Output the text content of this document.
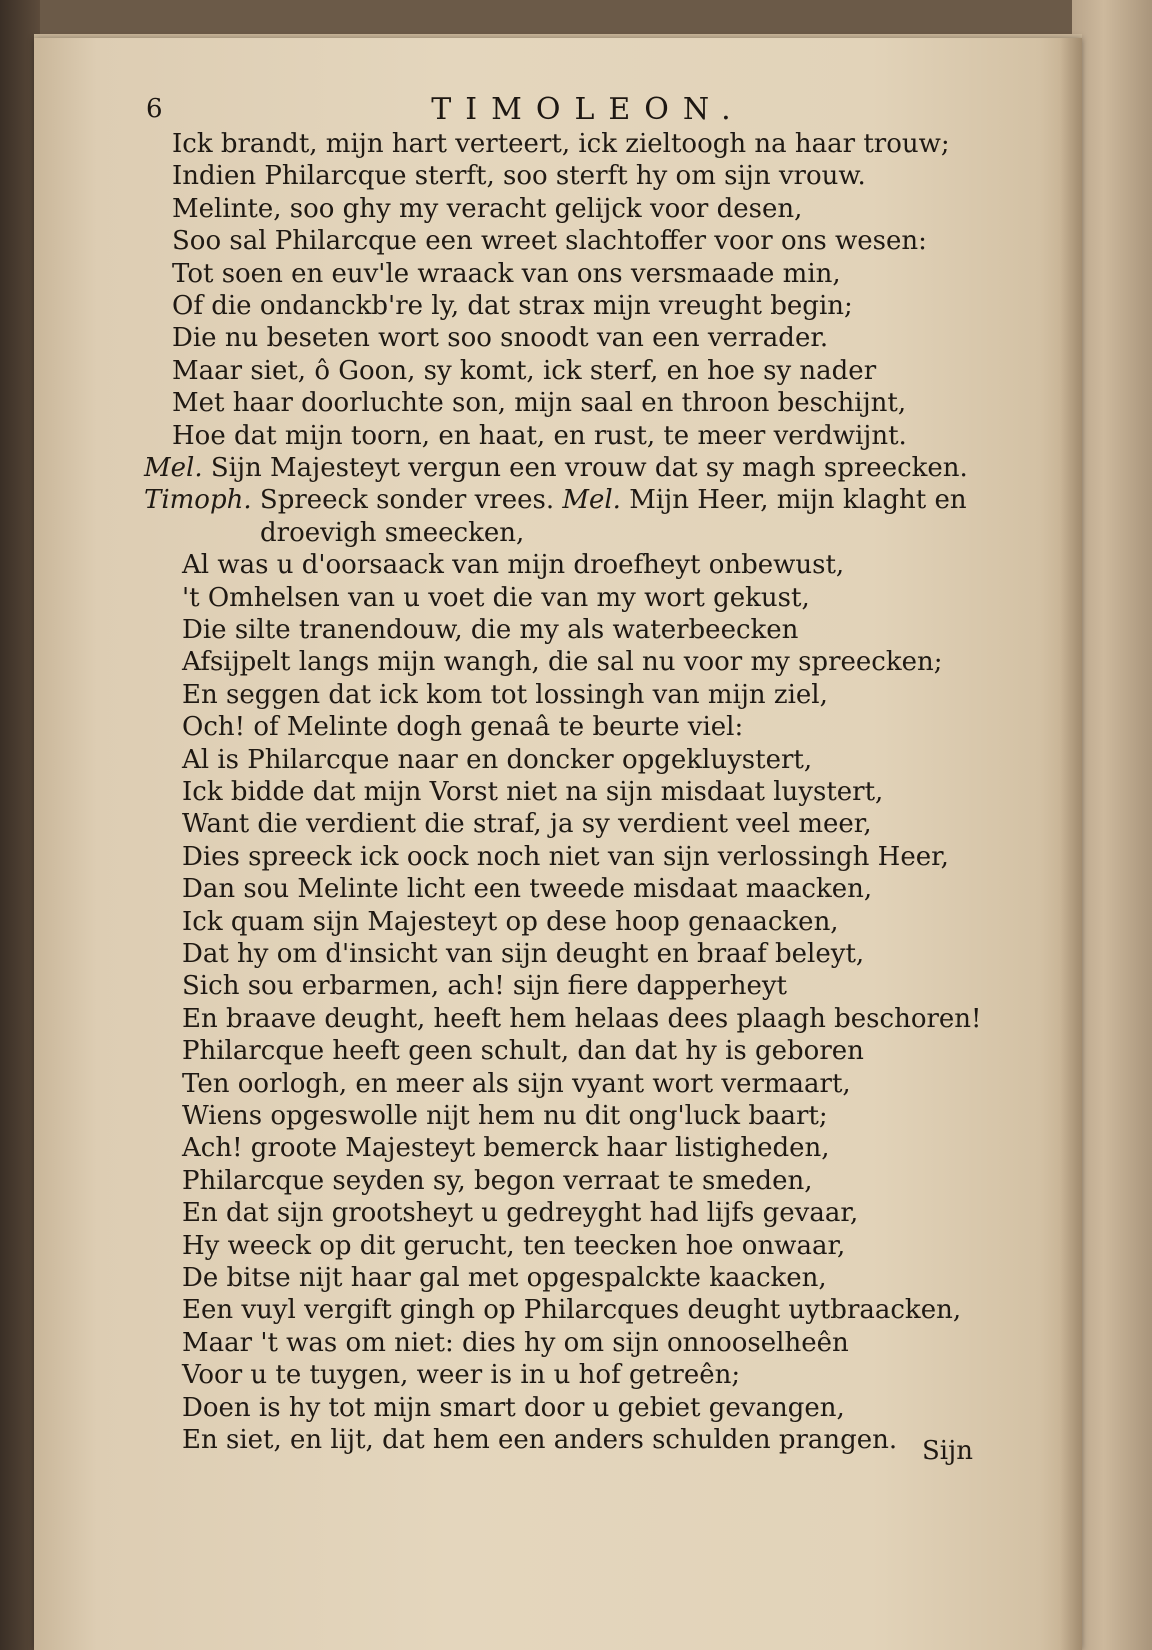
6	TIMOLEON.
Ick brandt, mijn hart verteert, ick zieltoogh na haar trouw;
Indien Philarcque sterft, soo sterft hy om sijn vrouw.
Melinte, soo ghy my veracht gelijck voor desen,
Soo sal Philarcque een wreet slachtoffer voor ons wesen:
Tot soen en euv'le wraack van ons versmaade min,
Of die ondanckb're ly, dat strax mijn vreught begin;
Die nu beseten wort soo snoodt van een verrader.
Maar siet, ô Goon, sy komt, ick sterf, en hoe sy nader
Met haar doorluchte son, mijn saal en throon beschijnt,
Hoe dat mijn toorn, en haat, en rust, te meer verdwijnt.
Mel. Sijn Majesteyt vergun een vrouw dat sy magh spreecken.
Timoph. Spreeck sonder vrees. Mel. Mijn Heer, mijn klaght en
droevigh smeecken,
Al was u d'oorsaack van mijn droefheyt onbewust,
't Omhelsen van u voet die van my wort gekust,
Die silte tranendouw, die my als waterbeecken
Afsijpelt langs mijn wangh, die sal nu voor my spreecken;
En seggen dat ick kom tot lossingh van mijn ziel,
Och! of Melinte dogh genaâ te beurte viel:
Al is Philarcque naar en doncker opgekluystert,
Ick bidde dat mijn Vorst niet na sijn misdaat luystert,
Want die verdient die straf, ja sy verdient veel meer,
Dies spreeck ick oock noch niet van sijn verlossingh Heer,
Dan sou Melinte licht een tweede misdaat maacken,
Ick quam sijn Majesteyt op dese hoop genaacken,
Dat hy om d'insicht van sijn deught en braaf beleyt,
Sich sou erbarmen, ach! sijn fiere dapperheyt
En braave deught, heeft hem helaas dees plaagh beschoren!
Philarcque heeft geen schult, dan dat hy is geboren
Ten oorlogh, en meer als sijn vyant wort vermaart,
Wiens opgeswolle nijt hem nu dit ong'luck baart;
Ach! groote Majesteyt bemerck haar listigheden,
Philarcque seyden sy, begon verraat te smeden,
En dat sijn grootsheyt u gedreyght had lijfs gevaar,
Hy weeck op dit gerucht, ten teecken hoe onwaar,
De bitse nijt haar gal met opgespalckte kaacken,
Een vuyl vergift gingh op Philarcques deught uytbraacken,
Maar 't was om niet: dies hy om sijn onnooselheên
Voor u te tuygen, weer is in u hof getreên;
Doen is hy tot mijn smart door u gebiet gevangen,
En siet, en lijt, dat hem een anders schulden prangen. Sijn
